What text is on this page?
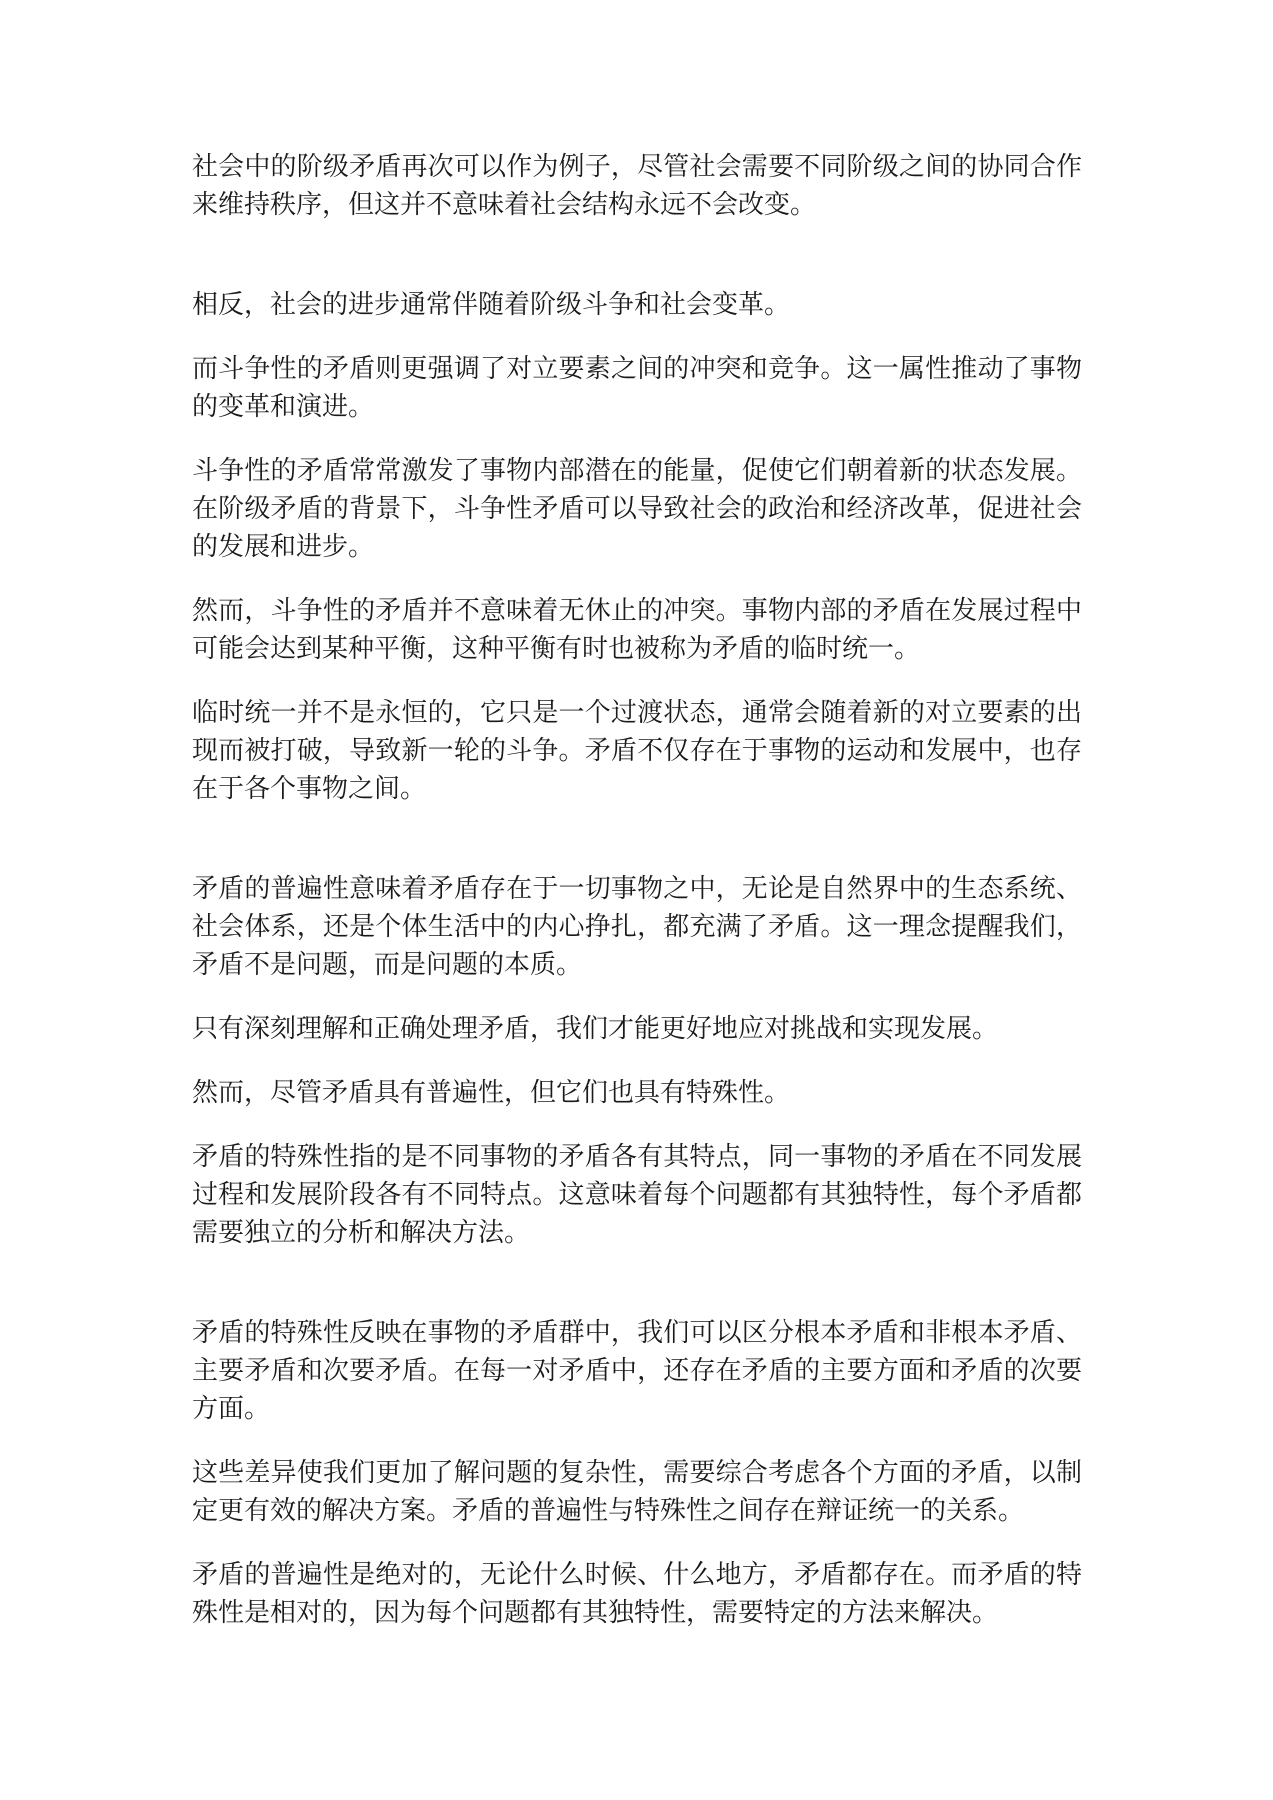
社会中的阶级矛盾再次可以作为例子，尽管社会需要不同阶级之间的协同合作来维持秩序，但这并不意味着社会结构永远不会改变。

相反，社会的进步通常伴随着阶级斗争和社会变革。

而斗争性的矛盾则更强调了对立要素之间的冲突和竞争。这一属性推动了事物的变革和演进。

斗争性的矛盾常常激发了事物内部潜在的能量，促使它们朝着新的状态发展。在阶级矛盾的背景下，斗争性矛盾可以导致社会的政治和经济改革，促进社会的发展和进步。

然而，斗争性的矛盾并不意味着无休止的冲突。事物内部的矛盾在发展过程中可能会达到某种平衡，这种平衡有时也被称为矛盾的临时统一。

临时统一并不是永恒的，它只是一个过渡状态，通常会随着新的对立要素的出现而被打破，导致新一轮的斗争。矛盾不仅存在于事物的运动和发展中，也存在于各个事物之间。

矛盾的普遍性意味着矛盾存在于一切事物之中，无论是自然界中的生态系统、社会体系，还是个体生活中的内心挣扎，都充满了矛盾。这一理念提醒我们，矛盾不是问题，而是问题的本质。

只有深刻理解和正确处理矛盾，我们才能更好地应对挑战和实现发展。

然而，尽管矛盾具有普遍性，但它们也具有特殊性。

矛盾的特殊性指的是不同事物的矛盾各有其特点，同一事物的矛盾在不同发展过程和发展阶段各有不同特点。这意味着每个问题都有其独特性，每个矛盾都需要独立的分析和解决方法。

矛盾的特殊性反映在事物的矛盾群中，我们可以区分根本矛盾和非根本矛盾、主要矛盾和次要矛盾。在每一对矛盾中，还存在矛盾的主要方面和矛盾的次要方面。

这些差异使我们更加了解问题的复杂性，需要综合考虑各个方面的矛盾，以制定更有效的解决方案。矛盾的普遍性与特殊性之间存在辩证统一的关系。

矛盾的普遍性是绝对的，无论什么时候、什么地方，矛盾都存在。而矛盾的特殊性是相对的，因为每个问题都有其独特性，需要特定的方法来解决。
